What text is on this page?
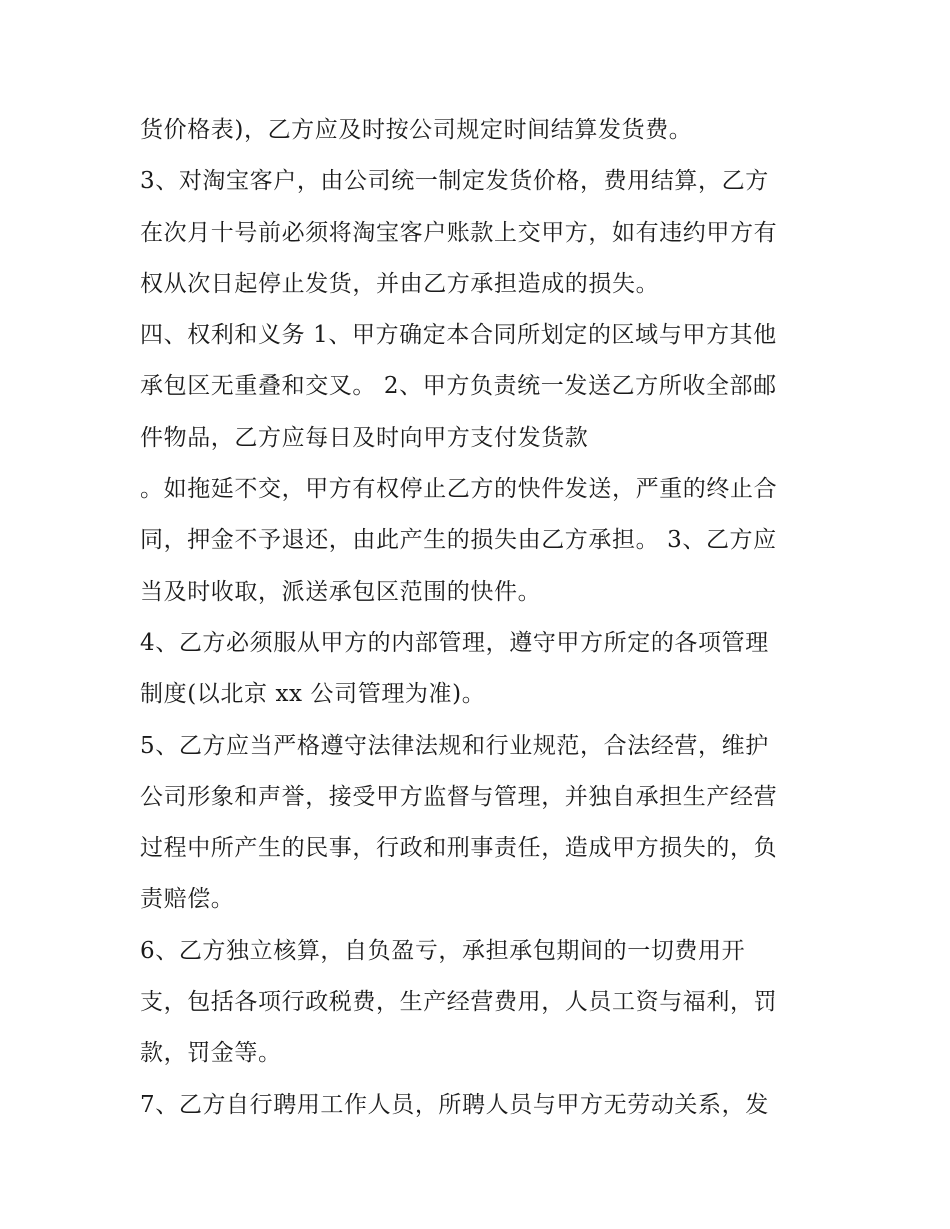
货价格表)，乙方应及时按公司规定时间结算发货费。
3、对淘宝客户，由公司统一制定发货价格，费用结算，乙方
在次月十号前必须将淘宝客户账款上交甲方，如有违约甲方有
权从次日起停止发货，并由乙方承担造成的损失。
四、权利和义务 1、甲方确定本合同所划定的区域与甲方其他
承包区无重叠和交叉。 2、甲方负责统一发送乙方所收全部邮
件物品，乙方应每日及时向甲方支付发货款
。如拖延不交，甲方有权停止乙方的快件发送，严重的终止合
同，押金不予退还，由此产生的损失由乙方承担。 3、乙方应
当及时收取，派送承包区范围的快件。
4、乙方必须服从甲方的内部管理，遵守甲方所定的各项管理
制度(以北京 xx 公司管理为准)。
5、乙方应当严格遵守法律法规和行业规范，合法经营，维护
公司形象和声誉，接受甲方监督与管理，并独自承担生产经营
过程中所产生的民事，行政和刑事责任，造成甲方损失的，负
责赔偿。
6、乙方独立核算，自负盈亏，承担承包期间的一切费用开
支，包括各项行政税费，生产经营费用，人员工资与福利，罚
款，罚金等。
7、乙方自行聘用工作人员，所聘人员与甲方无劳动关系，发
